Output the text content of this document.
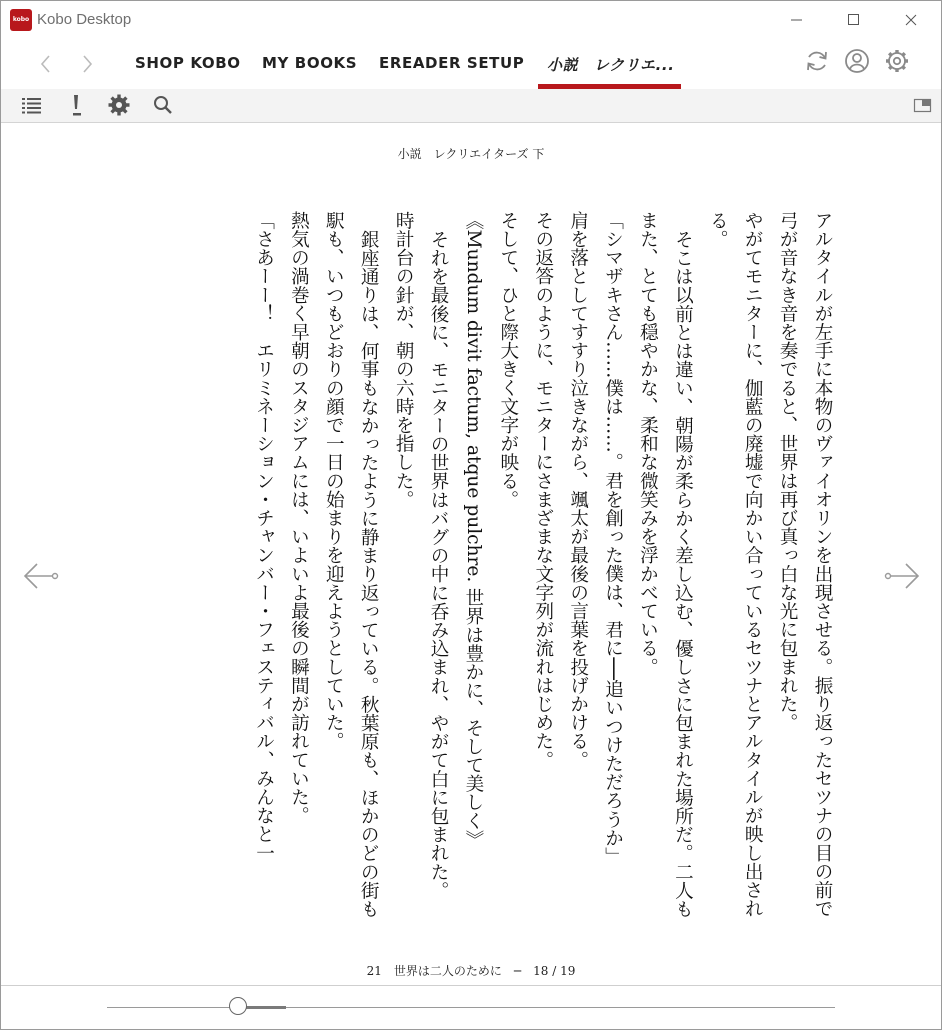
kobo Kobo Desktop
SHOP KOBO MY BOOKS EREADER SETUP 小説　レクリエ...
小説　レクリエイターズ 下

アルタイルが左手に本物のヴァイオリンを出現させる。振り返ったセツナの目の前で弓が音なき音を奏でると、世界は再び真っ白な光に包まれた。

やがてモニターに、伽藍の廃墟で向かい合っているセツナとアルタイルが映し出される。

そこは以前とは違い、朝陽が柔らかく差し込む、優しさに包まれた場所だ。二人もまた、とても穏やかな、柔和な微笑みを浮かべている。

「シマザキさん……僕は……。君を創った僕は、君に──追いつけただろうか」

肩を落としてすすり泣きながら、颯太が最後の言葉を投げかける。

その返答のように、モニターにさまざまな文字列が流れはじめた。

そして、ひと際大きく文字が映る。

《Mundum divit factum, atque pulchre. 世界は豊かに、そして美しく》

それを最後に、モニターの世界はバグの中に呑み込まれ、やがて白に包まれた。

時計台の針が、朝の六時を指した。

銀座通りは、何事もなかったように静まり返っている。秋葉原も、ほかのどの街も駅も、いつもどおりの顔で一日の始まりを迎えようとしていた。

熱気の渦巻く早朝のスタジアムには、いよいよ最後の瞬間が訪れていた。

「さあーー！　エリミネーション・チャンバー・フェスティバル、みんなと一

21　世界は二人のために　─　18 / 19
